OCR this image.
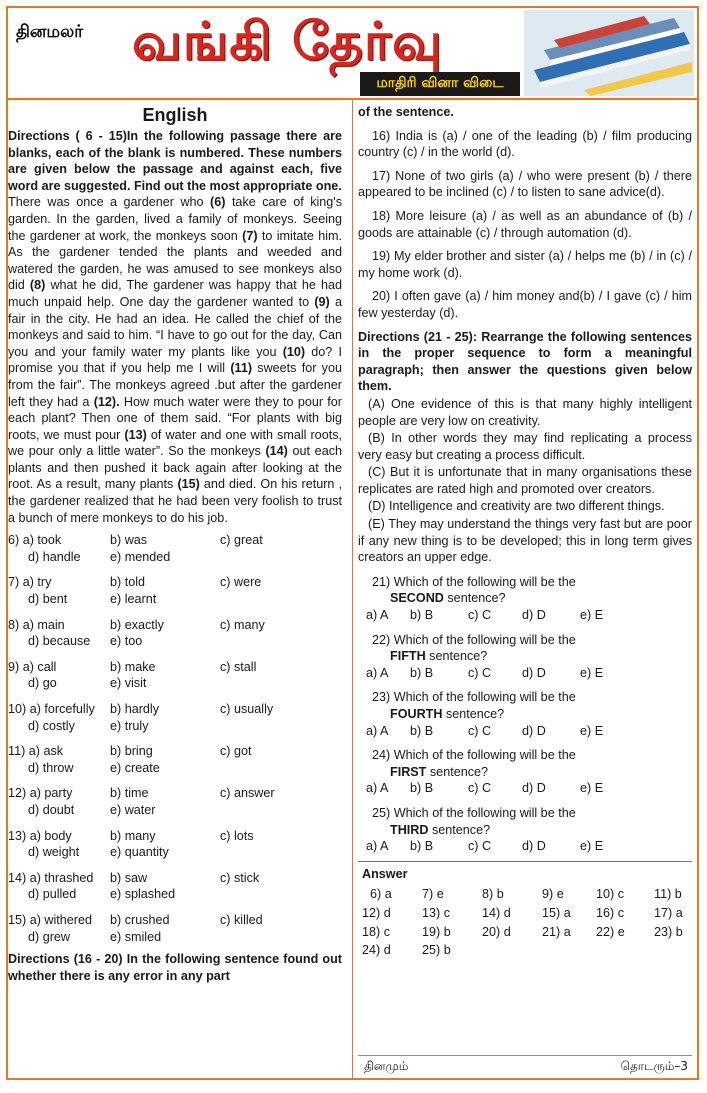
தினமலர் வங்கி தேர்வு
மாதிரி வினா விடை

English

Directions ( 6 - 15)In the following passage there are blanks, each of the blank is numbered. These numbers are given below the passage and against each, five word are suggested. Find out the most appropriate one.

There was once a gardener who (6) take care of king's garden. In the garden, lived a family of monkeys. Seeing the gardener at work, the monkeys soon (7) to imitate him. As the gardener tended the plants and weeded and watered the garden, he was amused to see monkeys also did (8) what he did, The gardener was happy that he had much unpaid help. One day the gardener wanted to (9) a fair in the city. He had an idea. He called the chief of the monkeys and said to him. “I have to go out for the day, Can you and your family water my plants like you (10) do? I promise you that if you help me I will (11) sweets for you from the fair”. The monkeys agreed .but after the gardener left they had a (12). How much water were they to pour for each plant? Then one of them said. “For plants with big roots, we must pour (13) of water and one with small roots, we pour only a little water”. So the monkeys (14) out each plants and then pushed it back again after looking at the root. As a result, many plants (15) and died. On his return , the gardener realized that he had been very foolish to trust a bunch of mere monkeys to do his job.

6) a) took	b) was	c) great
d) handle	e) mended
7) a) try	b) told	c) were
d) bent	e) learnt
8) a) main	b) exactly	c) many
d) because	e) too
9) a) call	b) make	c) stall
d) go	e) visit
10) a) forcefully	b) hardly	c) usually
d) costly	e) truly
11) a) ask	b) bring	c) got
d) throw	e) create
12) a) party	b) time	c) answer
d) doubt	e) water
13) a) body	b) many	c) lots
d) weight	e) quantity
14) a) thrashed	b) saw	c) stick
d) pulled	e) splashed
15) a) withered	b) crushed	c) killed
d) grew	e) smiled

Directions (16 - 20) In the following sentence found out whether there is any error in any part

of the sentence.

16) India is (a) / one of the leading (b) / film producing country (c) / in the world (d).

17) None of two girls (a) / who were present (b) / there appeared to be inclined (c) / to listen to sane advice(d).

18) More leisure (a) / as well as an abundance of (b) / goods are attainable (c) / through automation (d).

19) My elder brother and sister (a) / helps me (b) / in (c) / my home work (d).

20) I often gave (a) / him money and(b) / I gave (c) / him few yesterday (d).

Directions (21 - 25): Rearrange the following sentences in the proper sequence to form a meaningful paragraph; then answer the questions given below them.

(A) One evidence of this is that many highly intelligent people are very low on creativity.

(B) In other words they may find replicating a process very easy but creating a process difficult.

(C) But it is unfortunate that in many organisations these replicates are rated high and promoted over creators.

(D) Intelligence and creativity are two different things.

(E) They may understand the things very fast but are poor if any new thing is to be developed; this in long term gives creators an upper edge.

21) Which of the following will be the

SECOND sentence?

a) A	b) B	c) C	d) D	e) E

22) Which of the following will be the

FIFTH sentence?

a) A	b) B	c) C	d) D	e) E

23) Which of the following will be the

FOURTH sentence?

a) A	b) B	c) C	d) D	e) E

24) Which of the following will be the

FIRST sentence?

a) A	b) B	c) C	d) D	e) E

25) Which of the following will be the

THIRD sentence?

a) A	b) B	c) C	d) D	e) E

Answer

6) a	7) e	8) b	9) e	10) c	11) b
12) d	13) c	14) d	15) a	16) c	17) a
18) c	19) b	20) d	21) a	22) e	23) b
24) d	25) b
தினமும்	தொடரும்–3
